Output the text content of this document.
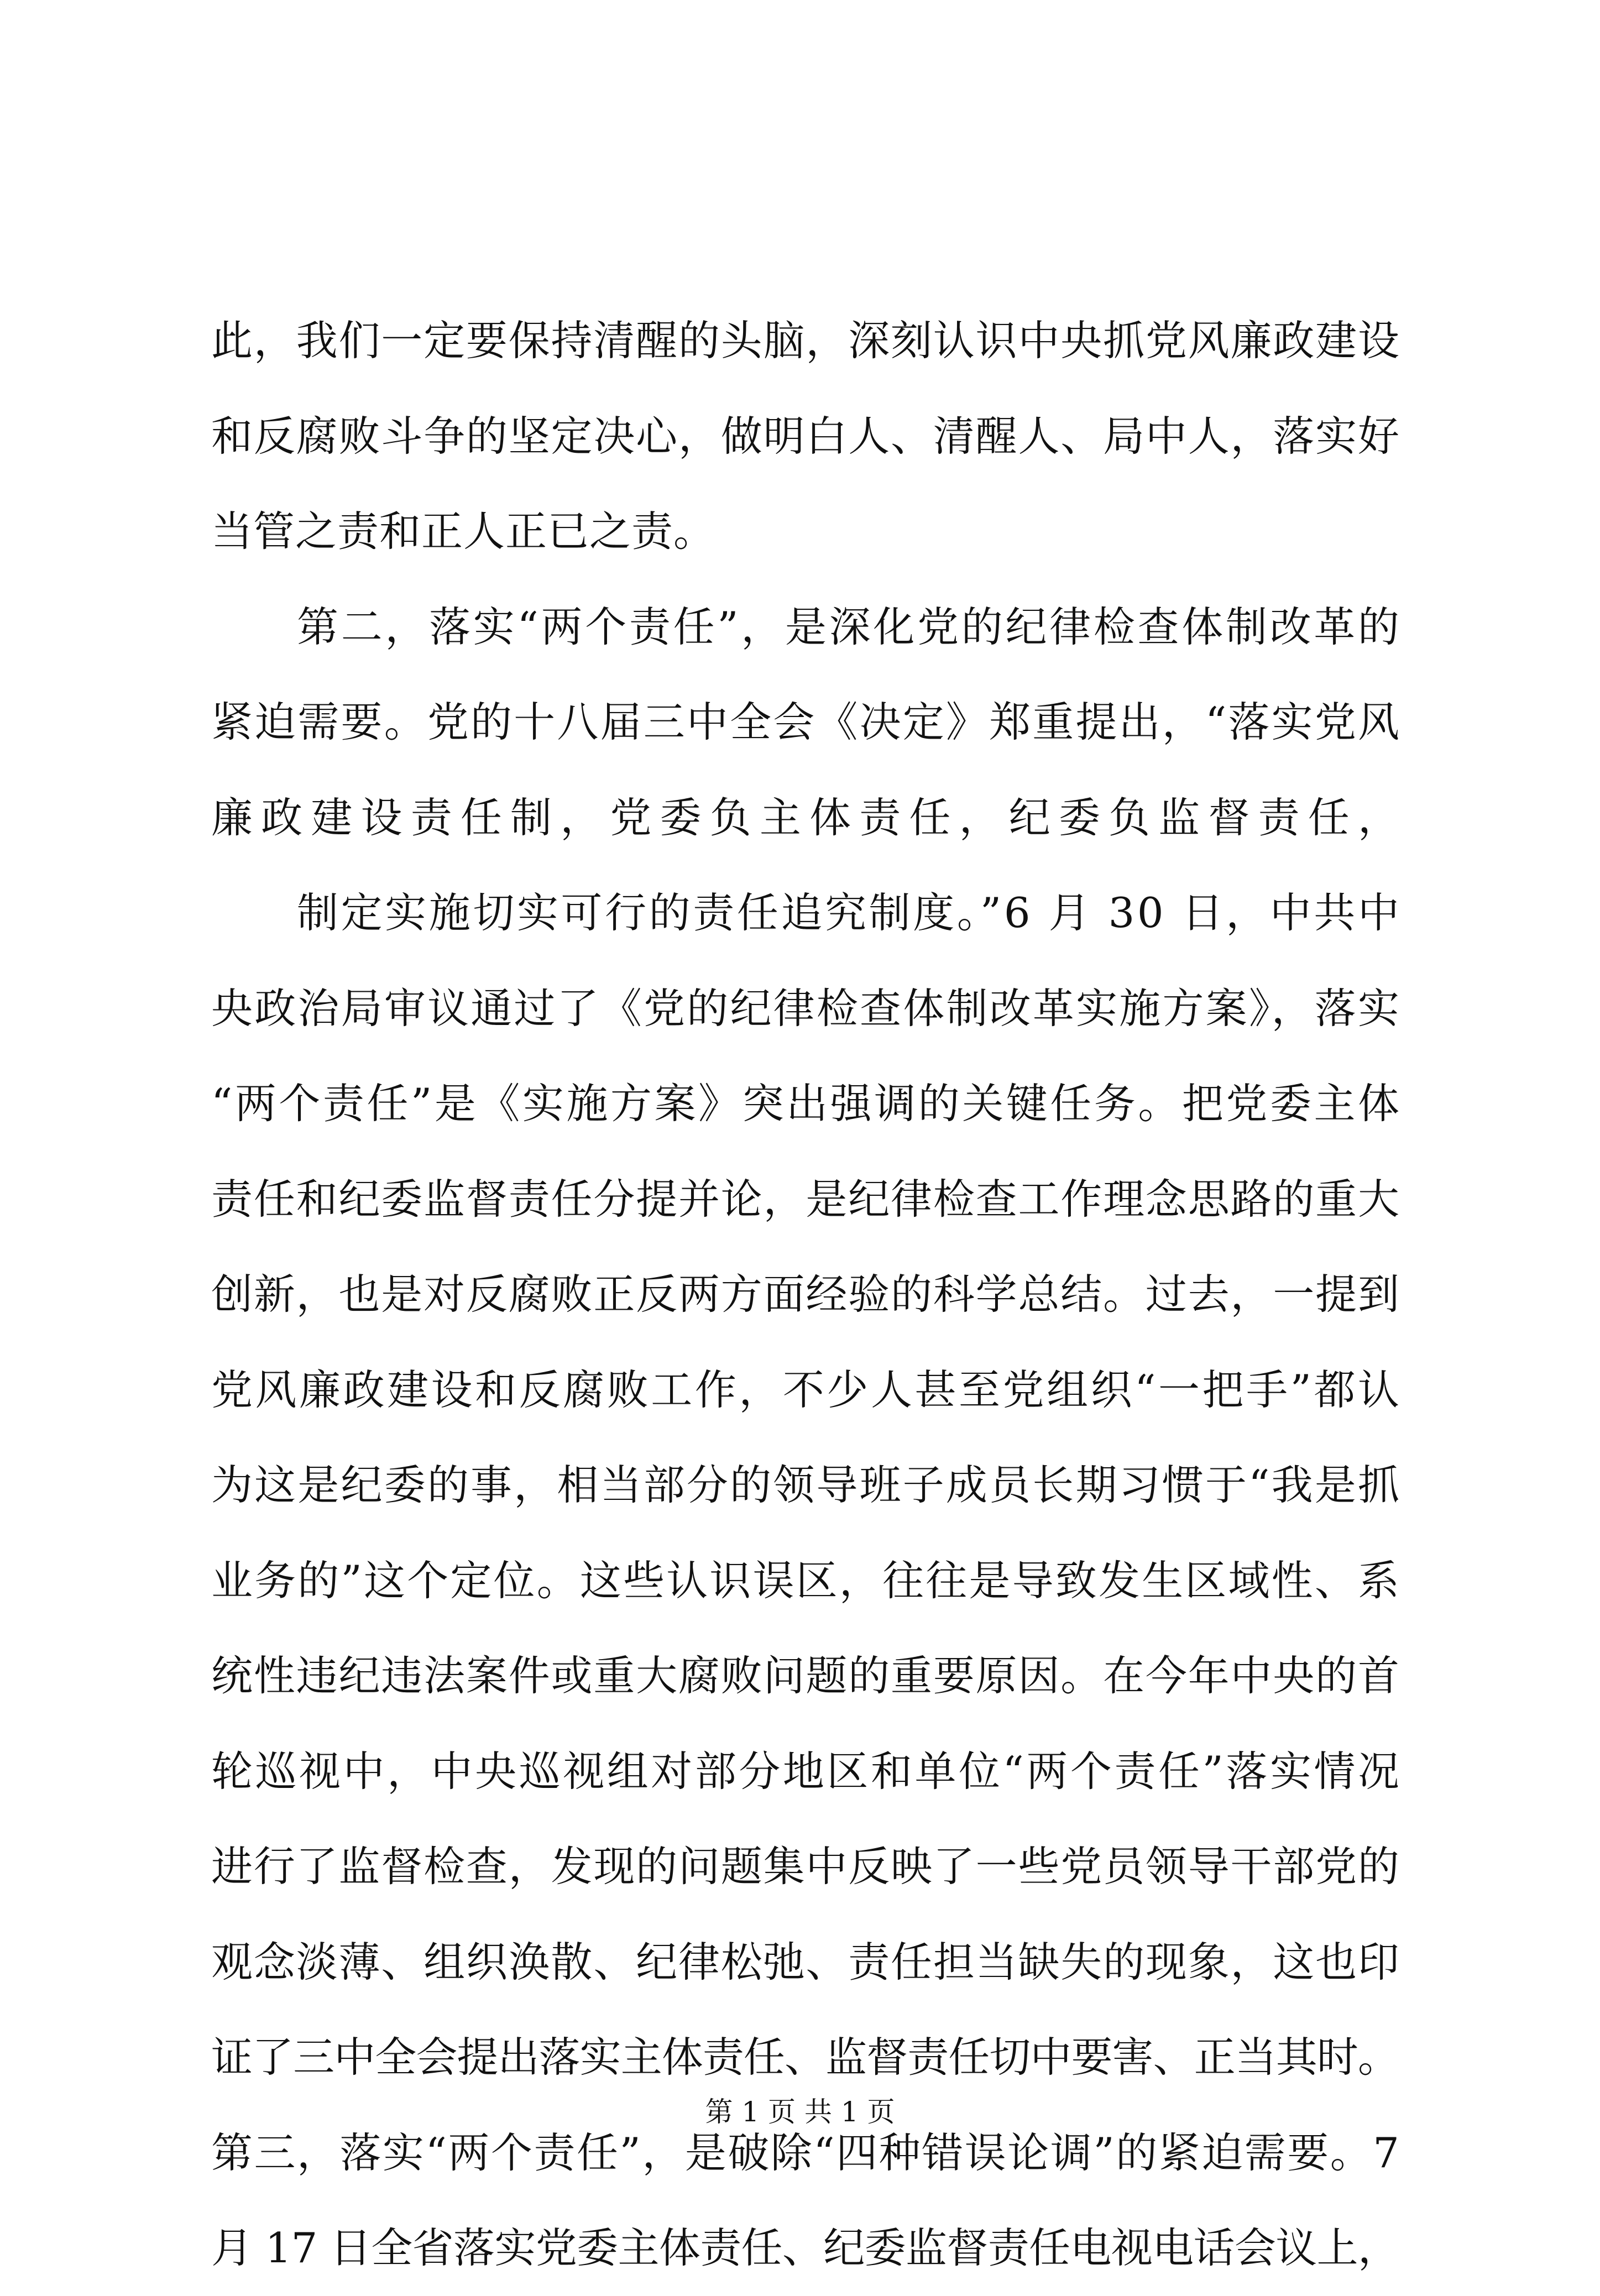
此，我们一定要保持清醒的头脑，深刻认识中央抓党风廉政建设
和反腐败斗争的坚定决心，做明白人、清醒人、局中人，落实好
当管之责和正人正已之责。
第二，落实“两个责任”，是深化党的纪律检查体制改革的
紧迫需要。党的十八届三中全会《决定》郑重提出，“落实党风
廉政建设责任制，党委负主体责任，纪委负监督责任，
制定实施切实可行的责任追究制度。”6 月 30 日，中共中
央政治局审议通过了《党的纪律检查体制改革实施方案》，落实
“两个责任”是《实施方案》突出强调的关键任务。把党委主体
责任和纪委监督责任分提并论，是纪律检查工作理念思路的重大
创新，也是对反腐败正反两方面经验的科学总结。过去，一提到
党风廉政建设和反腐败工作，不少人甚至党组织“一把手”都认
为这是纪委的事，相当部分的领导班子成员长期习惯于“我是抓
业务的”这个定位。这些认识误区，往往是导致发生区域性、系
统性违纪违法案件或重大腐败问题的重要原因。在今年中央的首
轮巡视中，中央巡视组对部分地区和单位“两个责任”落实情况
进行了监督检查，发现的问题集中反映了一些党员领导干部党的
观念淡薄、组织涣散、纪律松弛、责任担当缺失的现象，这也印
证了三中全会提出落实主体责任、监督责任切中要害、正当其时。
第三，落实“两个责任”，是破除“四种错误论调”的紧迫需要。7
月 17 日全省落实党委主体责任、纪委监督责任电视电话会议上，
第 1 页 共 1 页
